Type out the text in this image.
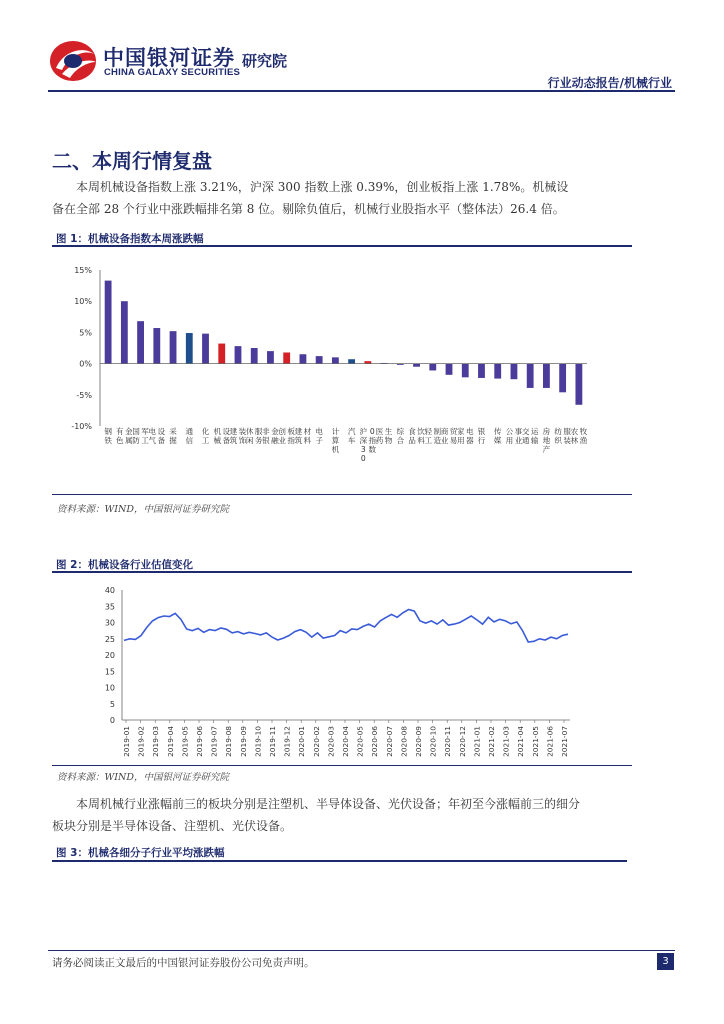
中国银河证券
CHINA GALAXY SECURITIES
研究院
行业动态报告/机械行业
二、本周行情复盘

本周机械设备指数上涨 3.21%，沪深 300 指数上涨 0.39%，创业板指上涨 1.78%。机械设备在全部 28 个行业中涨跌幅排名第 8 位。剔除负值后，机械行业股指水平（整体法）26.4 倍。

图 1：机械设备指数本周涨跌幅
15%
10%
5%
0%
-5%
-10%
钢铁
有色金属
国防军工
电气设备
采掘
通信
化工
机械设备
建筑装饰
休闲服务
非银金融
创业板指
建筑材料
电子
计算机
汽车
沪深 3 00 指数
医药生物
综合
食品饮料
轻工制造
商业贸易
家用电器
银行
传媒
公用事业
交通运输
房地产
纺织服装
农林牧渔
资料来源：WIND，中国银河证券研究院
图 2：机械设备行业估值变化
0
5
10
15
20
25
30
35
40
2019-01 2019-02 2019-03 2019-04 2019-05 2019-06 2019-07 2019-08 2019-09 2019-10 2019-11 2019-12 2020-01 2020-02 2020-03 2020-04 2020-05 2020-06 2020-07 2020-08 2020-09 2020-10 2020-11 2020-12 2021-01 2021-02 2021-03 2021-04 2021-05 2021-06 2021-07
资料来源：WIND，中国银河证券研究院

本周机械行业涨幅前三的板块分别是注塑机、半导体设备、光伏设备；年初至今涨幅前三的细分板块分别是半导体设备、注塑机、光伏设备。

图 3：机械各细分子行业平均涨跌幅
请务必阅读正文最后的中国银河证券股份公司免责声明。	3
